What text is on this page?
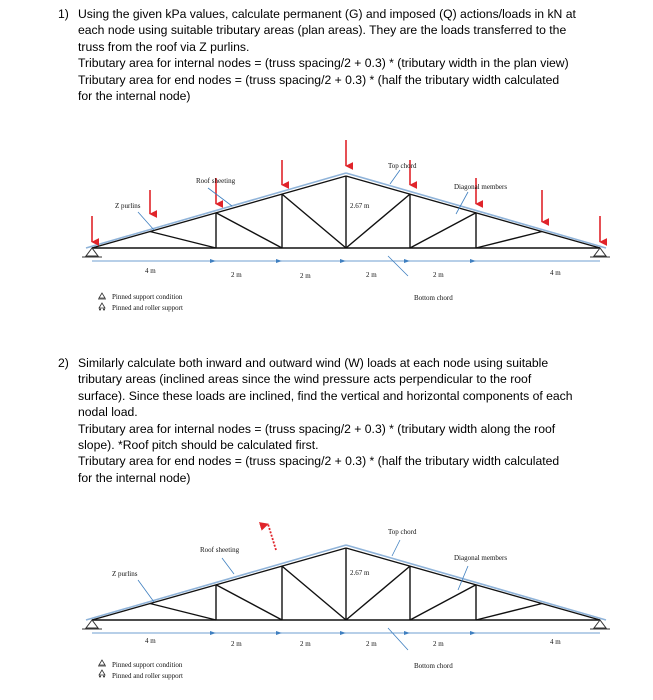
1) Using the given kPa values, calculate permanent (G) and imposed (Q) actions/loads in kN at
each node using suitable tributary areas (plan areas). They are the loads transferred to the
truss from the roof via Z purlins.
Tributary area for internal nodes = (truss spacing/2 + 0.3) * (tributary width in the plan view)
Tributary area for end nodes = (truss spacing/2 + 0.3) * (half the tributary width calculated
for the internal node)
Top chord
Roof sheeting
Diagonal members
Z purlins	2.67 m
Bottom chord
4 m	2 m	2 m	2 m	2 m	4 m
Pinned support condition
Pinned and roller support
2) Similarly calculate both inward and outward wind (W) loads at each node using suitable
tributary areas (inclined areas since the wind pressure acts perpendicular to the roof
surface). Since these loads are inclined, find the vertical and horizontal components of each
nodal load.
Tributary area for internal nodes = (truss spacing/2 + 0.3) * (tributary width along the roof
slope). *Roof pitch should be calculated first.
Tributary area for end nodes = (truss spacing/2 + 0.3) * (half the tributary width calculated
for the internal node)
Top chord
Roof sheeting
Diagonal members
Z purlins	2.67 m
Bottom chord
4 m	2 m	2 m	2 m	2 m	4 m
Pinned support condition
Pinned and roller support
